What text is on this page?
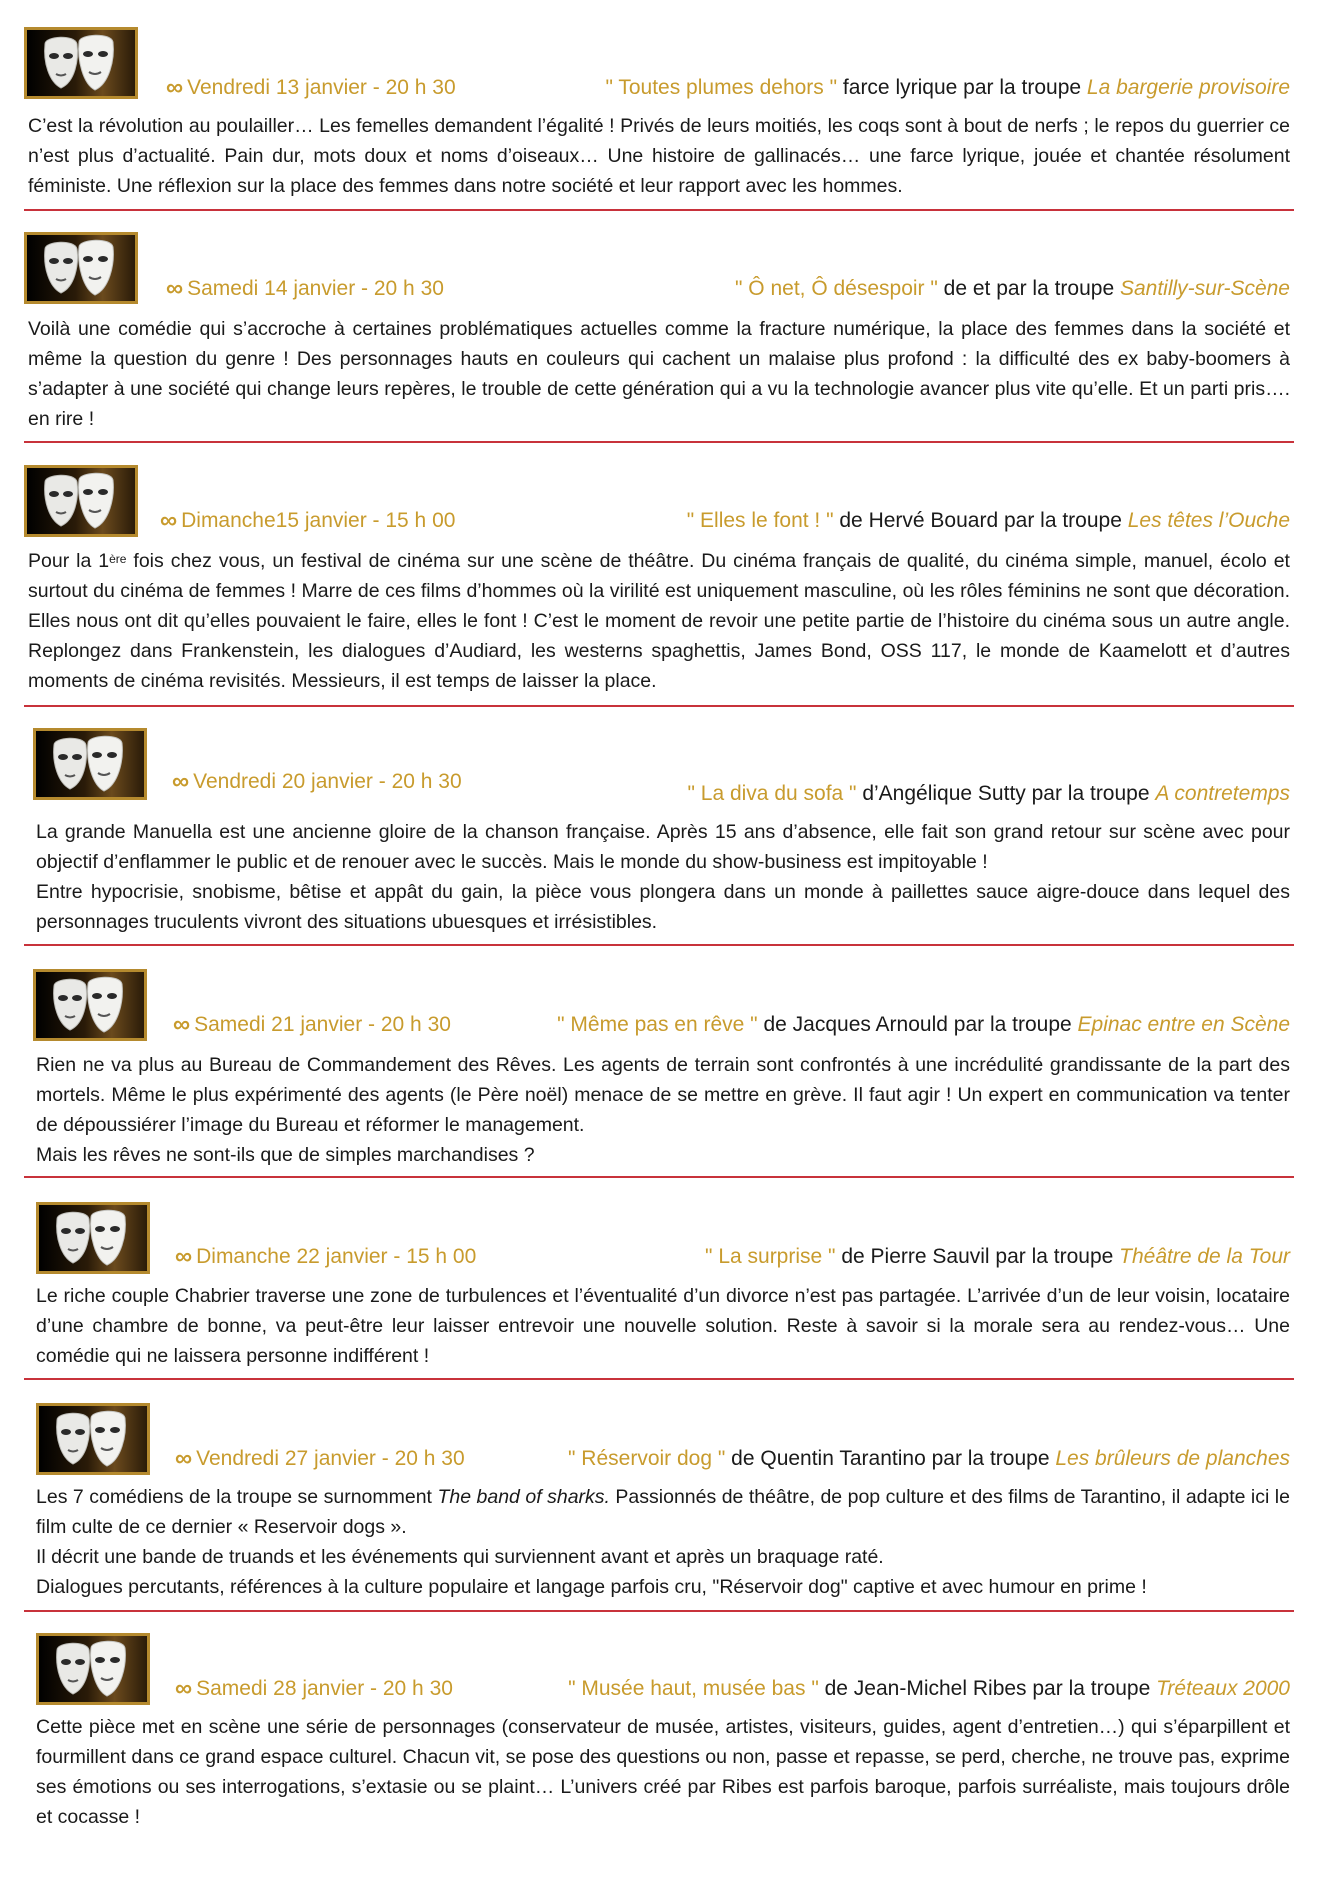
∞ Vendredi 13 janvier - 20 h 30	" Toutes plumes dehors " farce lyrique par la troupe La bargerie provisoire

C’est la révolution au poulailler… Les femelles demandent l’égalité ! Privés de leurs moitiés, les coqs sont à bout de nerfs ; le repos du guerrier ce n’est plus d’actualité. Pain dur, mots doux et noms d’oiseaux… Une histoire de gallinacés… une farce lyrique, jouée et chantée résolument féministe. Une réflexion sur la place des femmes dans notre société et leur rapport avec les hommes.

∞ Samedi 14 janvier - 20 h 30	" Ô net, Ô désespoir " de et par la troupe Santilly-sur-Scène

Voilà une comédie qui s’accroche à certaines problématiques actuelles comme la fracture numérique, la place des femmes dans la société et même la question du genre ! Des personnages hauts en couleurs qui cachent un malaise plus profond : la difficulté des ex baby-boomers à s’adapter à une société qui change leurs repères, le trouble de cette génération qui a vu la technologie avancer plus vite qu’elle. Et un parti pris…. en rire !

∞ Dimanche15 janvier - 15 h 00	" Elles le font ! " de Hervé Bouard par la troupe Les têtes l’Ouche

Pour la 1ère fois chez vous, un festival de cinéma sur une scène de théâtre. Du cinéma français de qualité, du cinéma simple, manuel, écolo et surtout du cinéma de femmes ! Marre de ces films d’hommes où la virilité est uniquement masculine, où les rôles féminins ne sont que décoration. Elles nous ont dit qu’elles pouvaient le faire, elles le font ! C’est le moment de revoir une petite partie de l’histoire du cinéma sous un autre angle. Replongez dans Frankenstein, les dialogues d’Audiard, les westerns spaghettis, James Bond, OSS 117, le monde de Kaamelott et d’autres moments de cinéma revisités. Messieurs, il est temps de laisser la place.

∞ Vendredi 20 janvier - 20 h 30
" La diva du sofa " d’Angélique Sutty par la troupe A contretemps

La grande Manuella est une ancienne gloire de la chanson française. Après 15 ans d’absence, elle fait son grand retour sur scène avec pour objectif d’enflammer le public et de renouer avec le succès. Mais le monde du show-business est impitoyable !

Entre hypocrisie, snobisme, bêtise et appât du gain, la pièce vous plongera dans un monde à paillettes sauce aigre-douce dans lequel des personnages truculents vivront des situations ubuesques et irrésistibles.

∞ Samedi 21 janvier - 20 h 30	" Même pas en rêve " de Jacques Arnould par la troupe Epinac entre en Scène

Rien ne va plus au Bureau de Commandement des Rêves. Les agents de terrain sont confrontés à une incrédulité grandissante de la part des mortels. Même le plus expérimenté des agents (le Père noël) menace de se mettre en grève. Il faut agir ! Un expert en communication va tenter de dépoussiérer l’image du Bureau et réformer le management.

Mais les rêves ne sont-ils que de simples marchandises ?

∞ Dimanche 22 janvier - 15 h 00	" La surprise " de Pierre Sauvil par la troupe Théâtre de la Tour

Le riche couple Chabrier traverse une zone de turbulences et l’éventualité d’un divorce n’est pas partagée. L’arrivée d’un de leur voisin, locataire d’une chambre de bonne, va peut-être leur laisser entrevoir une nouvelle solution. Reste à savoir si la morale sera au rendez-vous… Une comédie qui ne laissera personne indifférent !

∞ Vendredi 27 janvier - 20 h 30	" Réservoir dog " de Quentin Tarantino par la troupe Les brûleurs de planches

Les 7 comédiens de la troupe se surnomment The band of sharks. Passionnés de théâtre, de pop culture et des films de Tarantino, il adapte ici le film culte de ce dernier « Reservoir dogs ».

Il décrit une bande de truands et les événements qui surviennent avant et après un braquage raté.

Dialogues percutants, références à la culture populaire et langage parfois cru, "Réservoir dog" captive et avec humour en prime !

∞ Samedi 28 janvier - 20 h 30	" Musée haut, musée bas " de Jean-Michel Ribes par la troupe Tréteaux 2000

Cette pièce met en scène une série de personnages (conservateur de musée, artistes, visiteurs, guides, agent d’entretien…) qui s’éparpillent et fourmillent dans ce grand espace culturel. Chacun vit, se pose des questions ou non, passe et repasse, se perd, cherche, ne trouve pas, exprime ses émotions ou ses interrogations, s’extasie ou se plaint… L’univers créé par Ribes est parfois baroque, parfois surréaliste, mais toujours drôle et cocasse !
